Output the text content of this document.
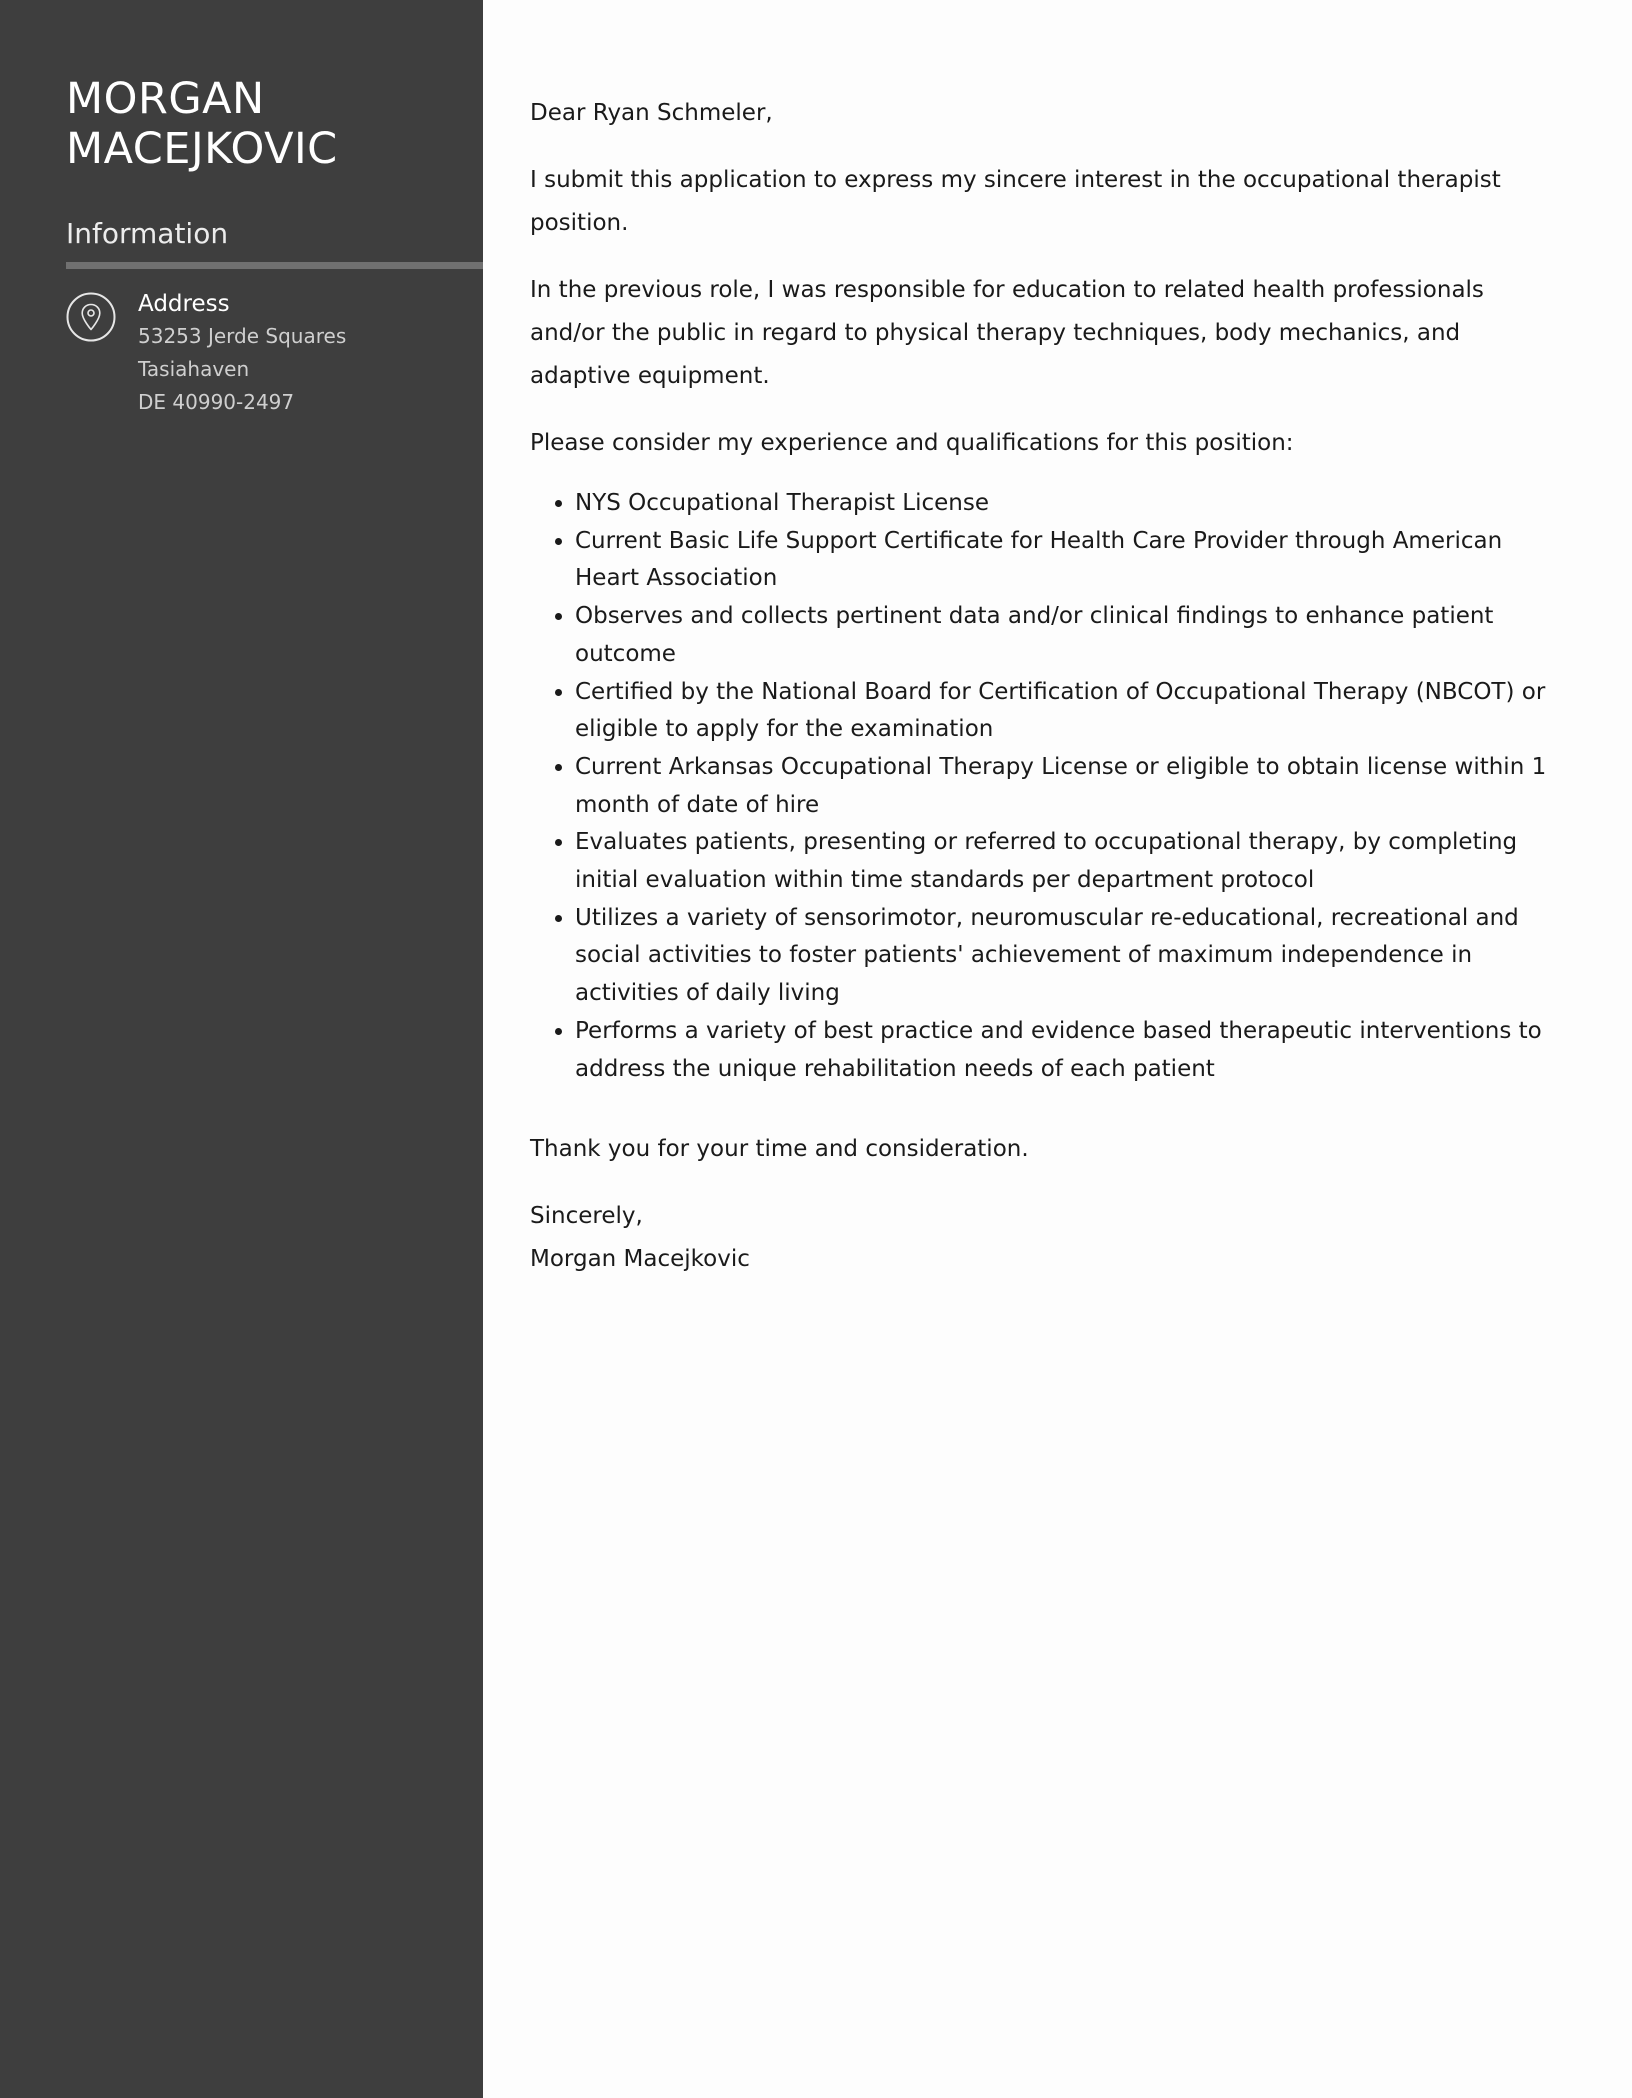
MORGAN
MACEJKOVIC
Information
Address
53253 Jerde Squares
Tasiahaven
DE 40990-2497

Dear Ryan Schmeler,

I submit this application to express my sincere interest in the occupational therapist position.

In the previous role, I was responsible for education to related health professionals and/or the public in regard to physical therapy techniques, body mechanics, and adaptive equipment.

Please consider my experience and qualifications for this position:

• NYS Occupational Therapist License
• Current Basic Life Support Certificate for Health Care Provider through American Heart Association
• Observes and collects pertinent data and/or clinical findings to enhance patient outcome
• Certified by the National Board for Certification of Occupational Therapy (NBCOT) or eligible to apply for the examination
• Current Arkansas Occupational Therapy License or eligible to obtain license within 1 month of date of hire
• Evaluates patients, presenting or referred to occupational therapy, by completing initial evaluation within time standards per department protocol
• Utilizes a variety of sensorimotor, neuromuscular re-educational, recreational and social activities to foster patients' achievement of maximum independence in activities of daily living
• Performs a variety of best practice and evidence based therapeutic interventions to address the unique rehabilitation needs of each patient

Thank you for your time and consideration.

Sincerely,
Morgan Macejkovic
